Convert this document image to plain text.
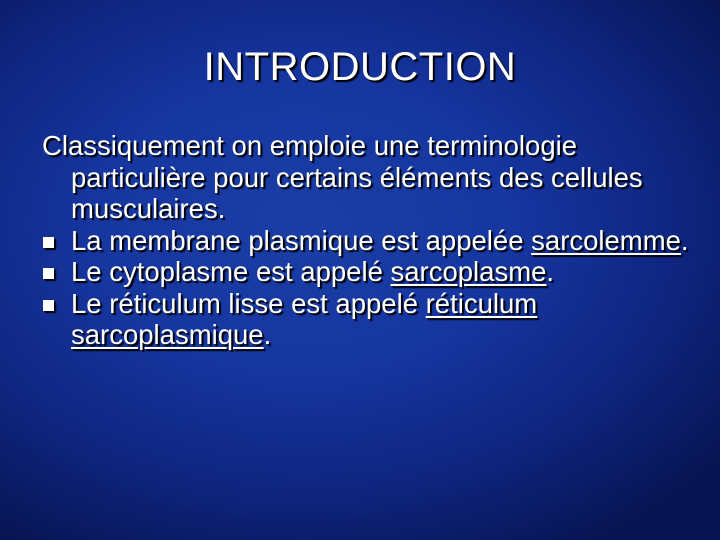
INTRODUCTION
Classiquement on emploie une terminologie particulière pour certains éléments des cellules musculaires.
La membrane plasmique est appelée sarcolemme.
Le cytoplasme est appelé sarcoplasme.
Le réticulum lisse est appelé réticulum sarcoplasmique.
